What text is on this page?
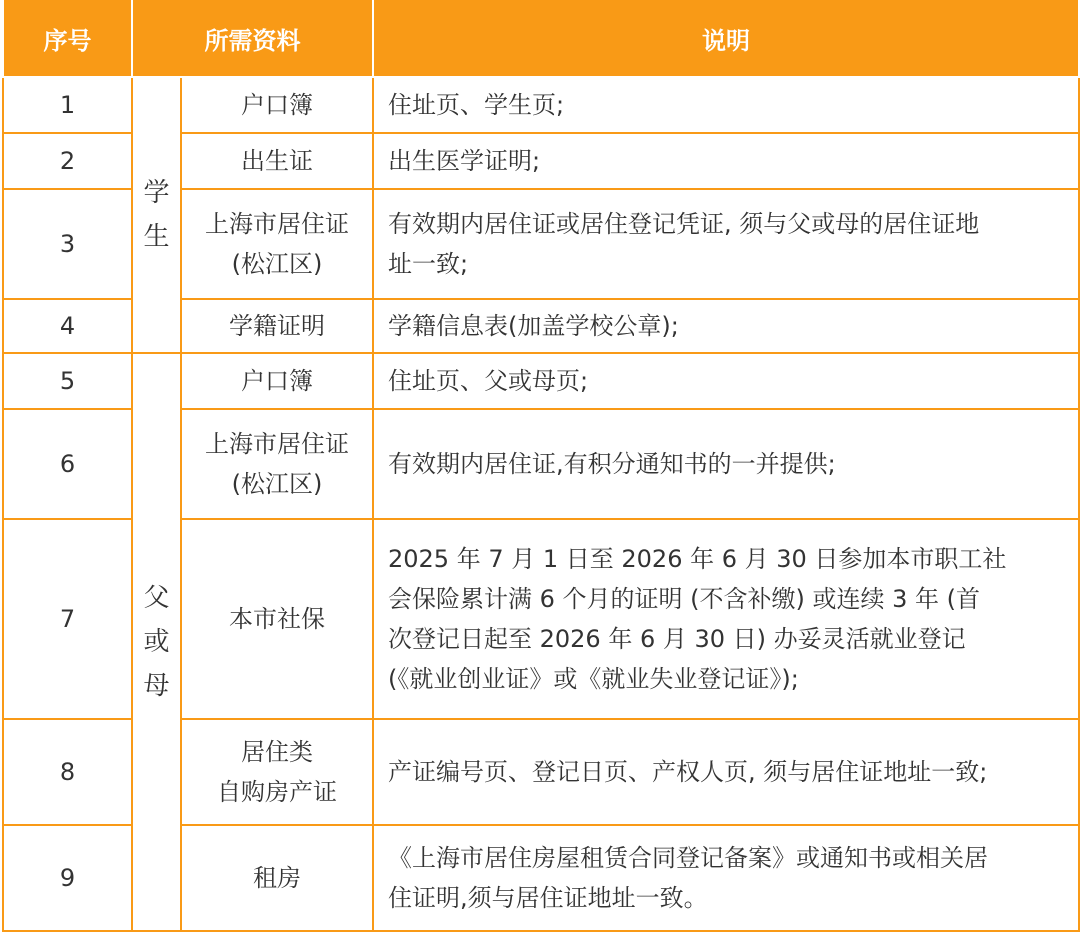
序号	所需资料		说明
1	学生	户口簿	住址页、学生页;

2		出生证	出生医学证明;

3		上海市居住证
(松江区)	有效期内居住证或居住登记凭证, 须与父或母的居住证地
址一致;

4		学籍证明	学籍信息表(加盖学校公章);

5	父或母	户口簿	住址页、父或母页;

6		上海市居住证
(松江区)	有效期内居住证,有积分通知书的一并提供;

7		本市社保	2025 年 7 月 1 日至 2026 年 6 月 30 日参加本市职工社
会保险累计满 6 个月的证明 (不含补缴) 或连续 3 年 (首
次登记日起至 2026 年 6 月 30 日) 办妥灵活就业登记
(《就业创业证》或《就业失业登记证》);

8		居住类
自购房产证	产证编号页、登记日页、产权人页, 须与居住证地址一致;

9		租房	《上海市居住房屋租赁合同登记备案》或通知书或相关居
住证明,须与居住证地址一致。
